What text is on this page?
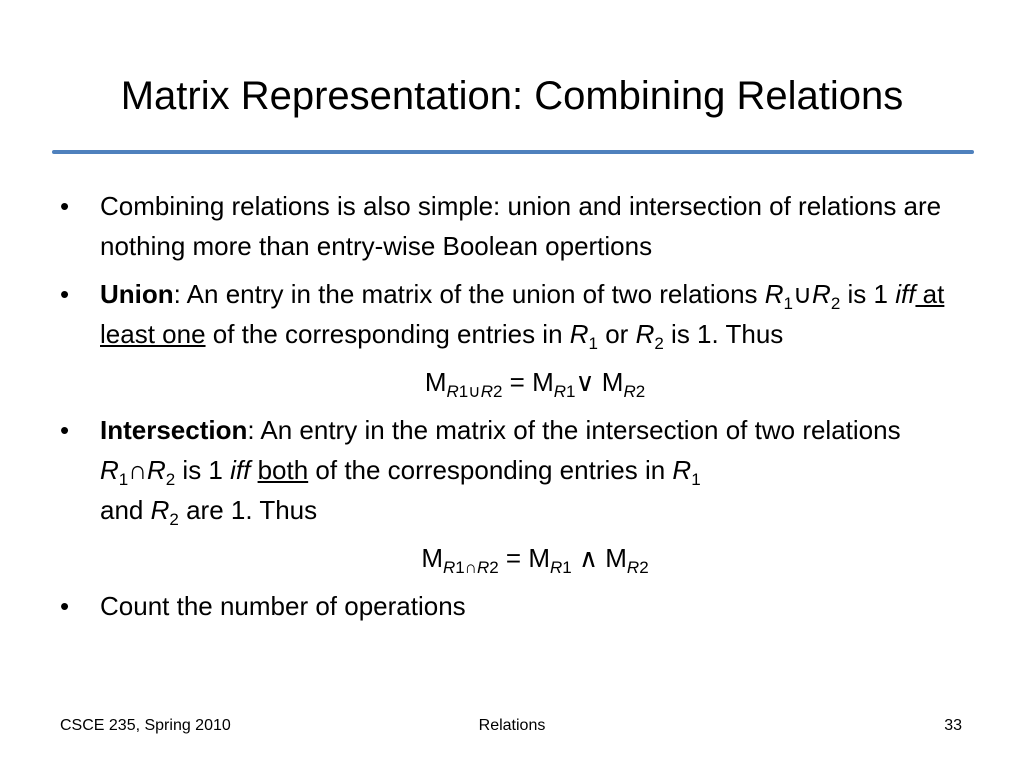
Matrix Representation: Combining Relations

• Combining relations is also simple: union and intersection of relations are nothing more than entry-wise Boolean opertions

• Union: An entry in the matrix of the union of two relations $R_1\cup R_2$ is 1 iff at least one of the corresponding entries in $R_1$ or $R_2$ is 1. Thus

$M_{R1\cup R2}$ = $M_{R1}\vee$ $M_{R2}$

• Intersection: An entry in the matrix of the intersection of two relations $R_1\cap R_2$ is 1 iff both of the corresponding entries in $R_1$
and $R_2$ are 1. Thus

$M_{R1\cap R2} = M_{R1}$ ∧ $M_{R2}$

• Count the number of operations

CSCE 235, Spring 2010	Relations	33
